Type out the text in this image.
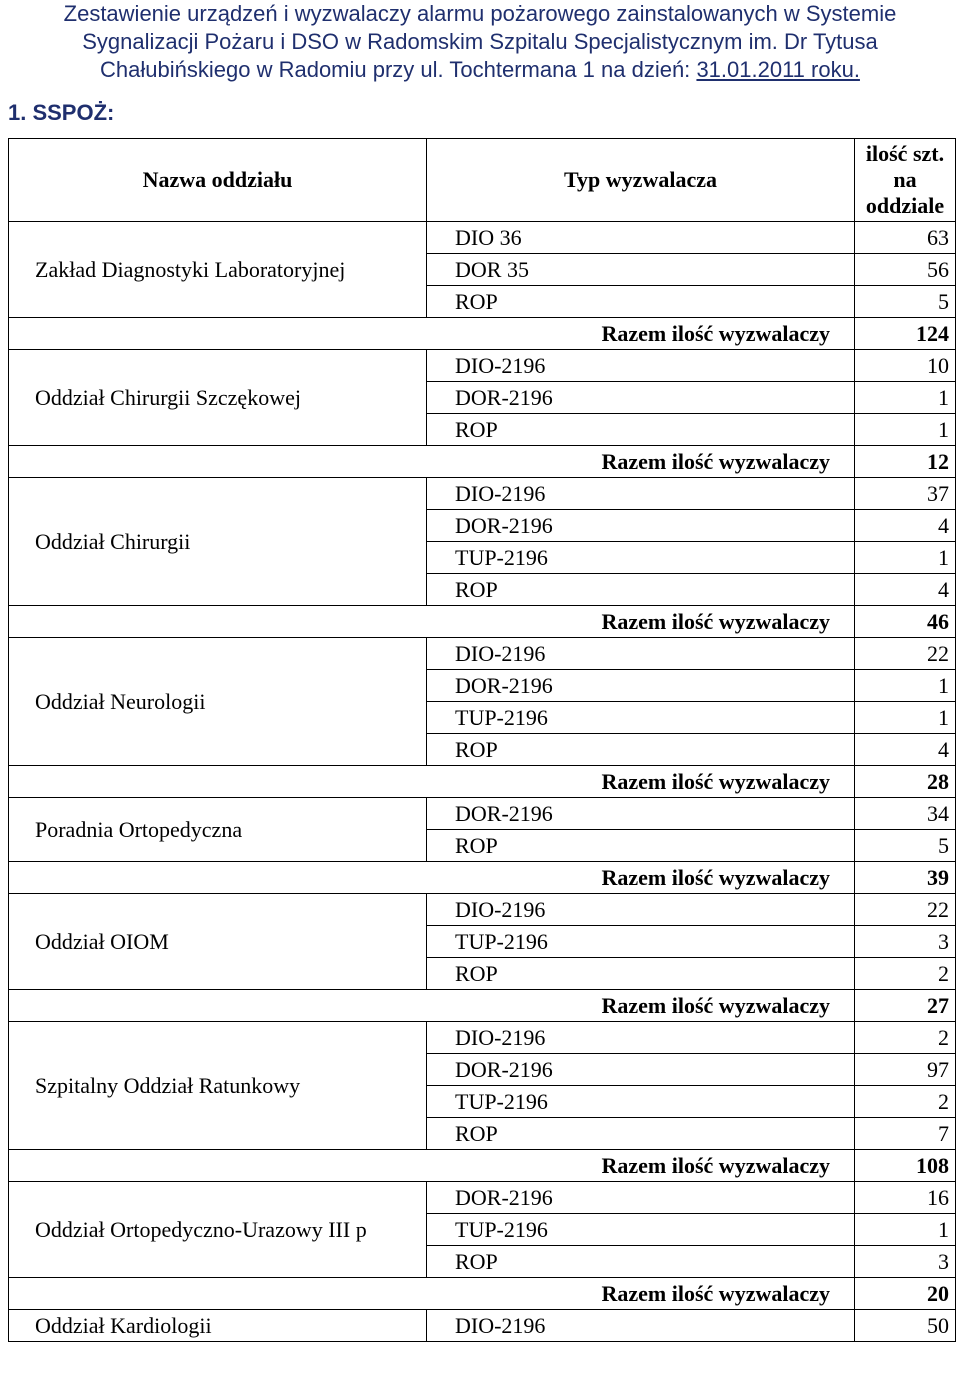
Zestawienie urządzeń i wyzwalaczy alarmu pożarowego zainstalowanych w Systemie
Sygnalizacji Pożaru i DSO w Radomskim Szpitalu Specjalistycznym im. Dr Tytusa
Chałubińskiego w Radomiu przy ul. Tochtermana 1 na dzień: 31.01.2011 roku.
1. SSPOŻ:
Nazwa oddziału	Typ wyzwalacza	ilość szt.
na
oddziale

Zakład Diagnostyki Laboratoryjnej	DIO 36	63
	DOR 35	56
	ROP	5
Razem ilość wyzwalaczy		124
Oddział Chirurgii Szczękowej	DIO-2196	10
	DOR-2196	1
	ROP	1
Razem ilość wyzwalaczy		12
Oddział Chirurgii	DIO-2196	37
	DOR-2196	4
	TUP-2196	1
	ROP	4
Razem ilość wyzwalaczy		46
Oddział Neurologii	DIO-2196	22
	DOR-2196	1
	TUP-2196	1
	ROP	4
Razem ilość wyzwalaczy		28
Poradnia Ortopedyczna	DOR-2196	34
	ROP	5
Razem ilość wyzwalaczy		39
Oddział OIOM	DIO-2196	22
	TUP-2196	3
	ROP	2
Razem ilość wyzwalaczy		27
Szpitalny Oddział Ratunkowy	DIO-2196	2
	DOR-2196	97
	TUP-2196	2
	ROP	7
Razem ilość wyzwalaczy		108
Oddział Ortopedyczno-Urazowy III p	DOR-2196	16
	TUP-2196	1
	ROP	3
Razem ilość wyzwalaczy		20
Oddział Kardiologii	DIO-2196	50
